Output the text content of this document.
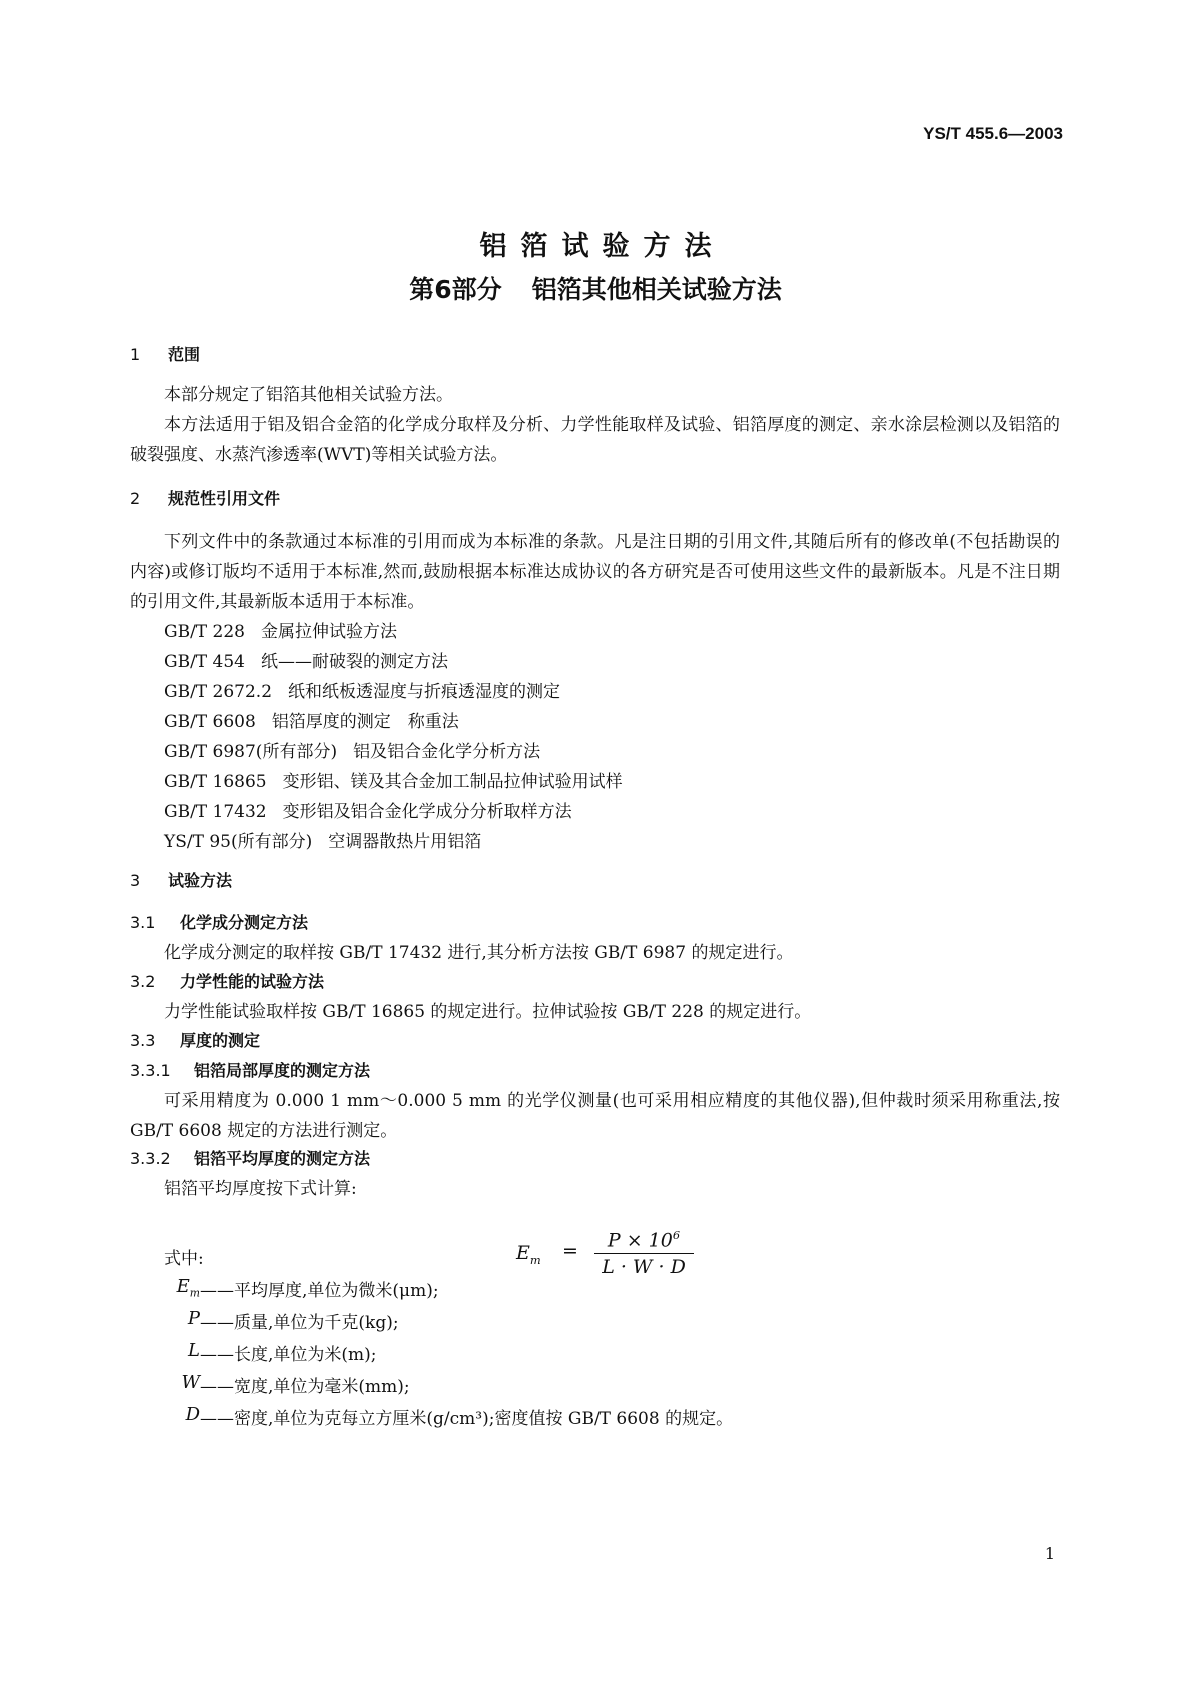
YS/T 455.6—2003
铝箔试验方法
第6部分 铝箔其他相关试验方法
1 范围
本部分规定了铝箔其他相关试验方法。
本方法适用于铝及铝合金箔的化学成分取样及分析、力学性能取样及试验、铝箔厚度的测定、亲水涂层检测以及铝箔的破裂强度、水蒸汽渗透率(WVT)等相关试验方法。
2 规范性引用文件
下列文件中的条款通过本标准的引用而成为本标准的条款。凡是注日期的引用文件,其随后所有的修改单(不包括勘误的内容)或修订版均不适用于本标准,然而,鼓励根据本标准达成协议的各方研究是否可使用这些文件的最新版本。凡是不注日期的引用文件,其最新版本适用于本标准。
GB/T 228 金属拉伸试验方法
GB/T 454 纸——耐破裂的测定方法
GB/T 2672.2 纸和纸板透湿度与折痕透湿度的测定
GB/T 6608 铝箔厚度的测定　称重法
GB/T 6987(所有部分) 铝及铝合金化学分析方法
GB/T 16865 变形铝、镁及其合金加工制品拉伸试验用试样
GB/T 17432 变形铝及铝合金化学成分分析取样方法
YS/T 95(所有部分) 空调器散热片用铝箔
3 试验方法
3.1 化学成分测定方法
化学成分测定的取样按 GB/T 17432 进行,其分析方法按 GB/T 6987 的规定进行。
3.2 力学性能的试验方法
力学性能试验取样按 GB/T 16865 的规定进行。拉伸试验按 GB/T 228 的规定进行。
3.3 厚度的测定
3.3.1 铝箔局部厚度的测定方法
可采用精度为 0.000 1 mm～0.000 5 mm 的光学仪测量(也可采用相应精度的其他仪器),但仲裁时须采用称重法,按 GB/T 6608 规定的方法进行测定。
3.3.2 铝箔平均厚度的测定方法
铝箔平均厚度按下式计算:
$E_m = \frac{P \times 10^6}{L \cdot W \cdot D}$
式中:
$E_m$ ——平均厚度,单位为微米(μm);
P ——质量,单位为千克(kg);
L ——长度,单位为米(m);
W ——宽度,单位为毫米(mm);
D ——密度,单位为克每立方厘米(g/cm³);密度值按 GB/T 6608 的规定。
1
